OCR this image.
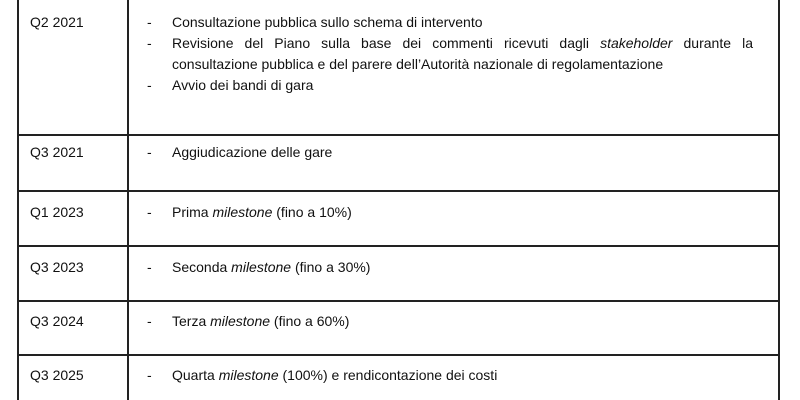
Q2 2021	- Consultazione pubblica sullo schema di intervento
- Revisione del Piano sulla base dei commenti ricevuti dagli stakeholder durante la consultazione pubblica e del parere dell’Autorità nazionale di regolamentazione
- Avvio dei bandi di gara
Q3 2021	- Aggiudicazione delle gare
Q1 2023	- Prima milestone (fino a 10%)
Q3 2023	- Seconda milestone (fino a 30%)
Q3 2024	- Terza milestone (fino a 60%)
Q3 2025	- Quarta milestone (100%) e rendicontazione dei costi
